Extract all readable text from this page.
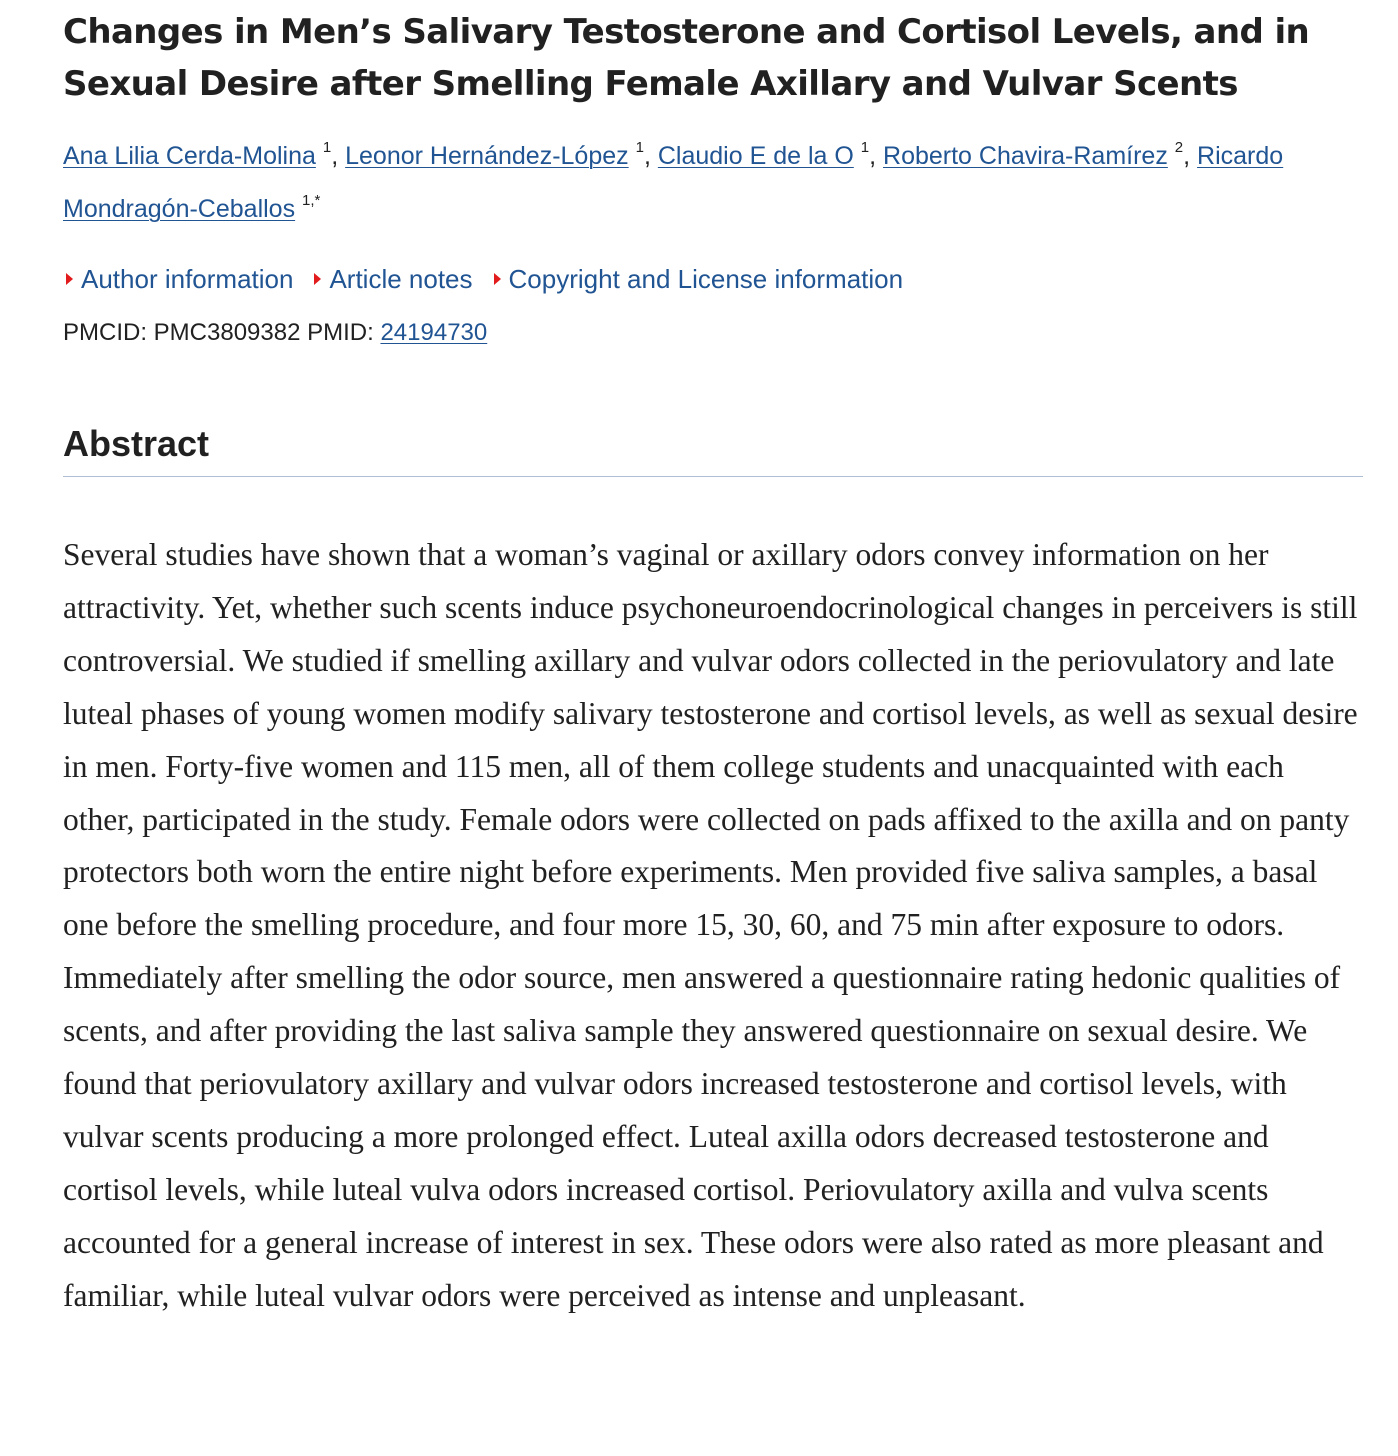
Changes in Men’s Salivary Testosterone and Cortisol Levels, and in Sexual Desire after Smelling Female Axillary and Vulvar Scents
Ana Lilia Cerda-Molina $^1$, Leonor Hernández-López $^1$, Claudio E de la O $^1$, Roberto Chavira-Ramírez $^2$, Ricardo Mondragón-Ceballos $^{1,*}$
Author information Article notes Copyright and License information
PMCID: PMC3809382 PMID: 24194730
Abstract

Several studies have shown that a woman’s vaginal or axillary odors convey information on her attractivity. Yet, whether such scents induce psychoneuroendocrinological changes in perceivers is still controversial. We studied if smelling axillary and vulvar odors collected in the periovulatory and late luteal phases of young women modify salivary testosterone and cortisol levels, as well as sexual desire in men. Forty-five women and 115 men, all of them college students and unacquainted with each other, participated in the study. Female odors were collected on pads affixed to the axilla and on panty protectors both worn the entire night before experiments. Men provided five saliva samples, a basal one before the smelling procedure, and four more 15, 30, 60, and 75 min after exposure to odors. Immediately after smelling the odor source, men answered a questionnaire rating hedonic qualities of scents, and after providing the last saliva sample they answered questionnaire on sexual desire. We found that periovulatory axillary and vulvar odors increased testosterone and cortisol levels, with vulvar scents producing a more prolonged effect. Luteal axilla odors decreased testosterone and cortisol levels, while luteal vulva odors increased cortisol. Periovulatory axilla and vulva scents accounted for a general increase of interest in sex. These odors were also rated as more pleasant and familiar, while luteal vulvar odors were perceived as intense and unpleasant.
